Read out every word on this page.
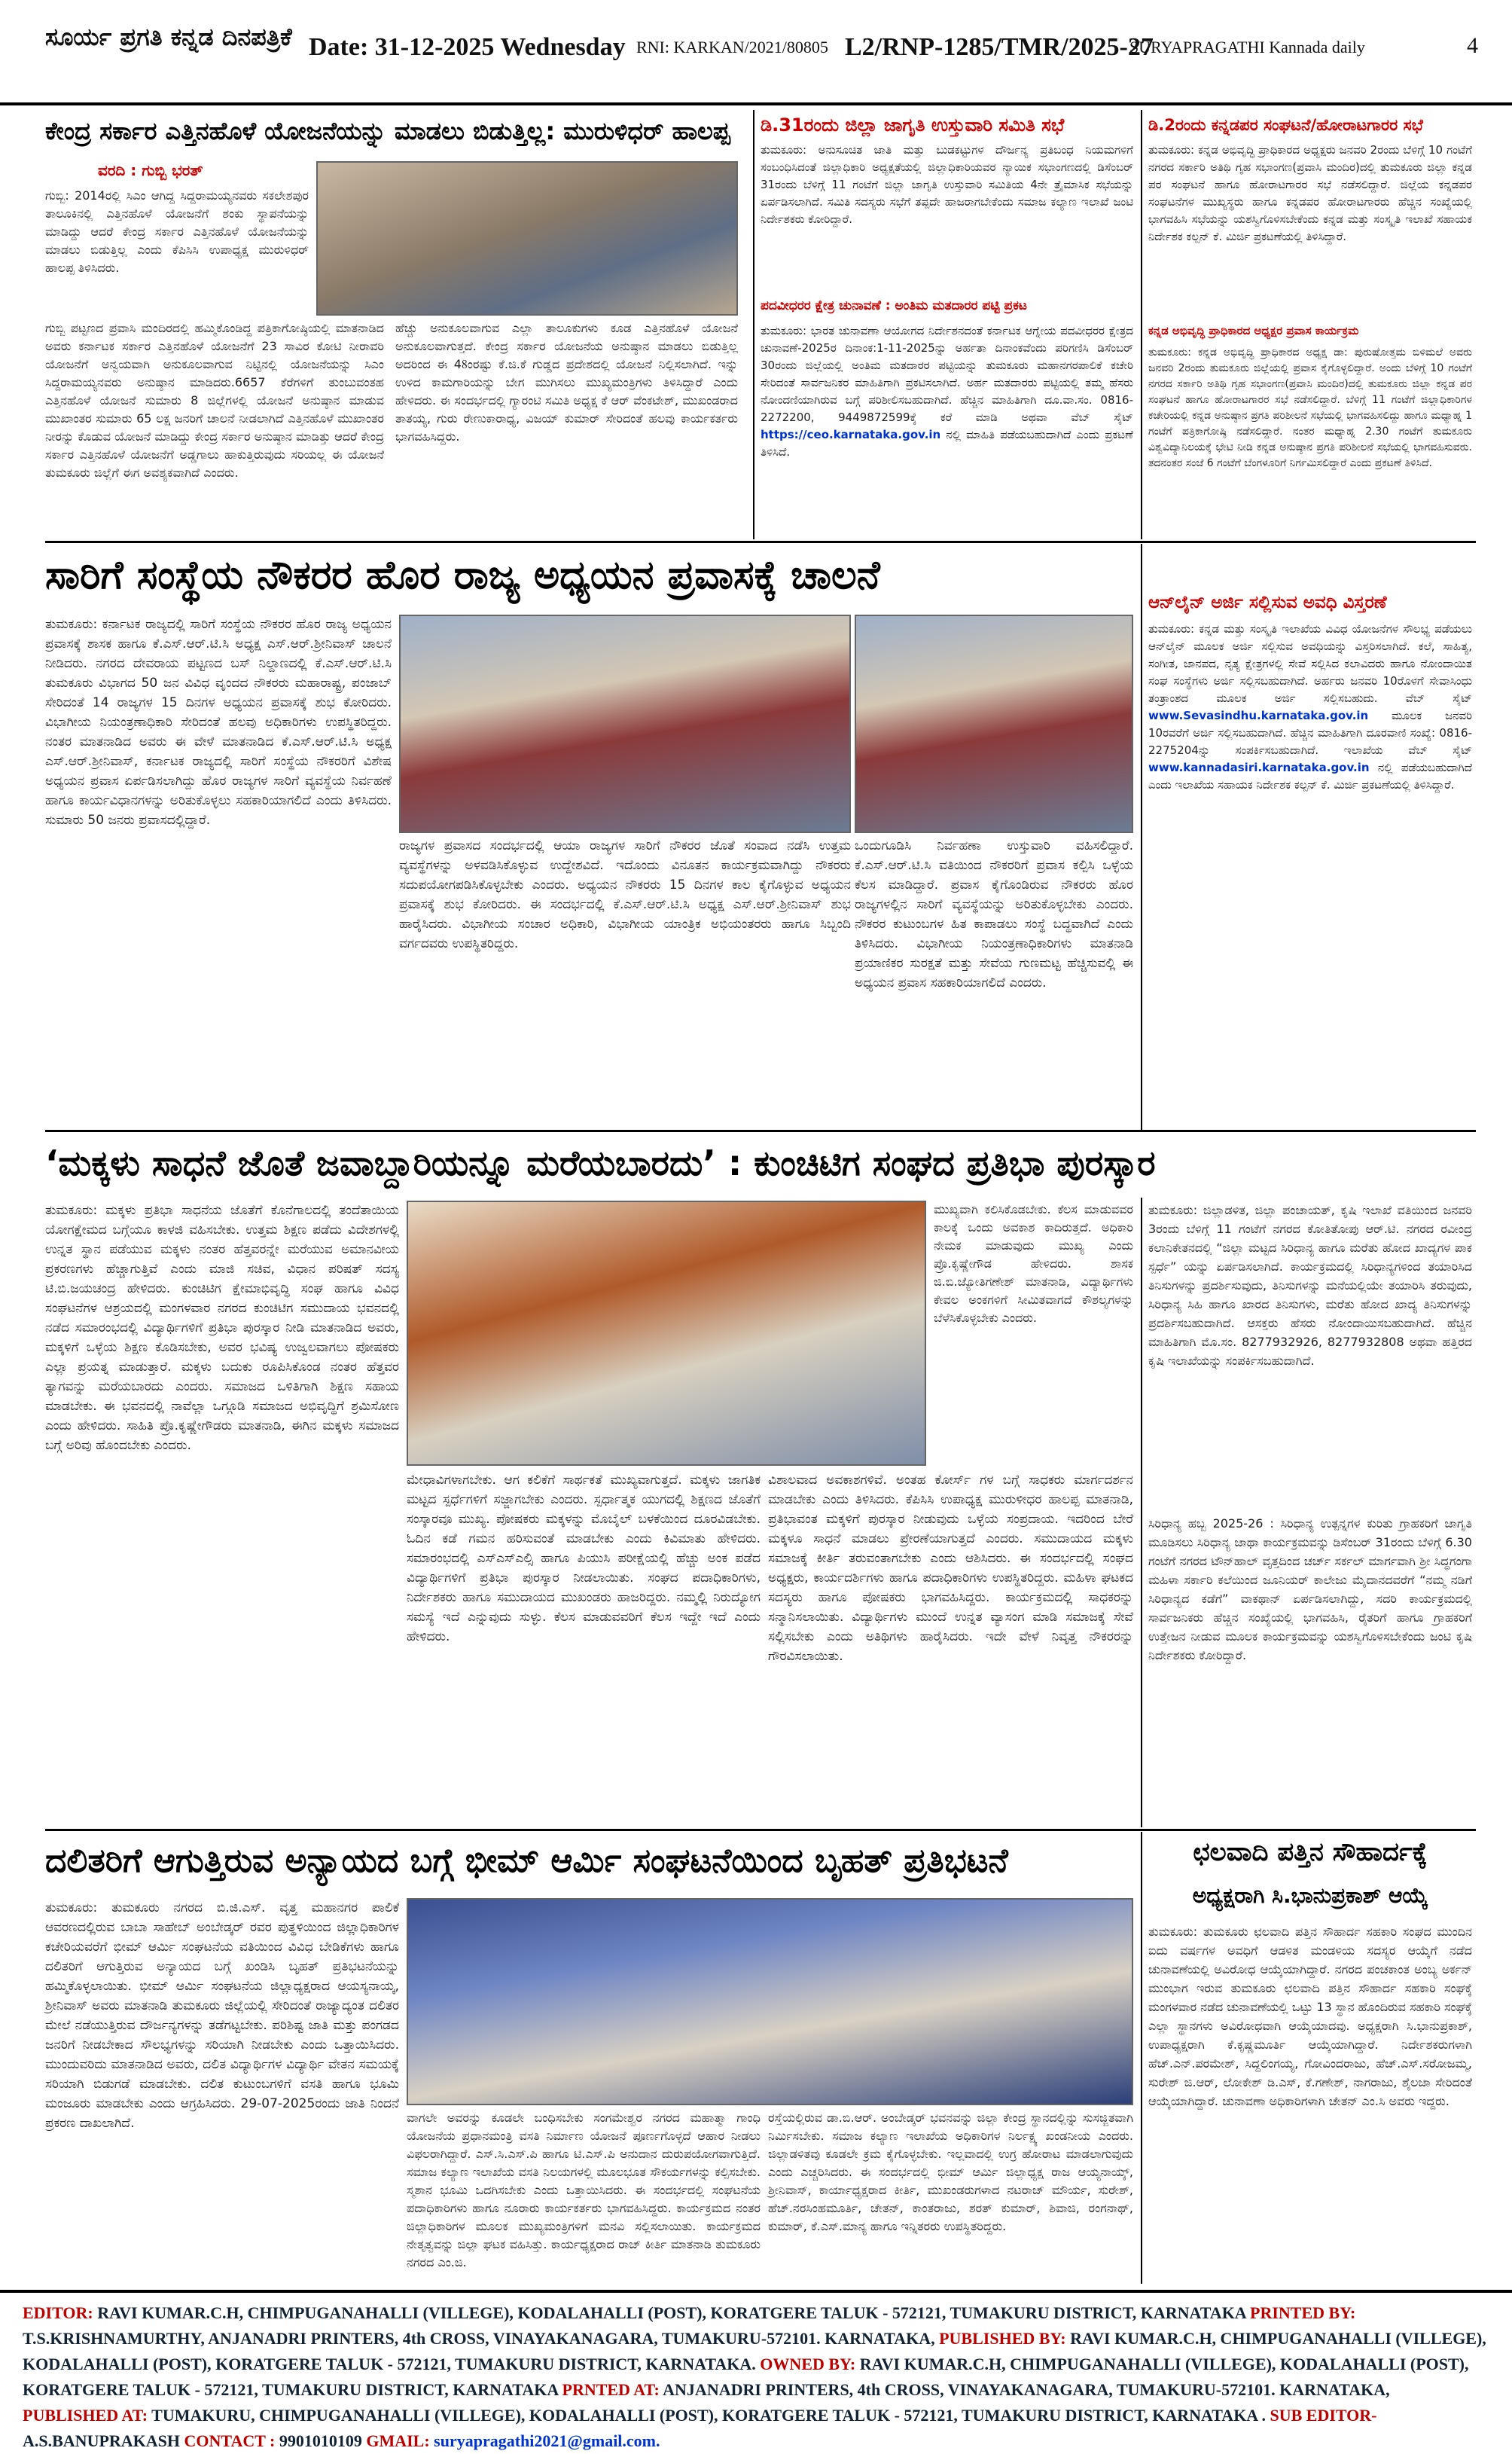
ಸೂರ್ಯ ಪ್ರಗತಿ ಕನ್ನಡ ದಿನಪತ್ರಿಕೆ Date: 31-12-2025 Wednesday RNI: KARKAN/2021/80805 L2/RNP-1285/TMR/2025-27
SURYAPRAGATHI Kannada daily	4
ಕೇಂದ್ರ ಸರ್ಕಾರ ಎತ್ತಿನಹೊಳೆ ಯೋಜನೆಯನ್ನು ಮಾಡಲು ಬಿಡುತ್ತಿಲ್ಲ: ಮುರುಳಿಧರ್ ಹಾಲಪ್ಪ
ವರದಿ : ಗುಬ್ಬಿ ಭರತ್
ಗುಬ್ಬಿ: 2014ರಲ್ಲಿ ಸಿಎಂ ಆಗಿದ್ದ ಸಿದ್ದರಾಮಯ್ಯನವರು ಸಕಲೇಶಪುರ ತಾಲೂಕಿನಲ್ಲಿ ಎತ್ತಿನಹೊಳೆ ಯೋಜನೆಗೆ ಶಂಕು ಸ್ಥಾಪನೆಯನ್ನು ಮಾಡಿದ್ದು ಆದರೆ ಕೇಂದ್ರ ಸರ್ಕಾರ ಎತ್ತಿನಹೊಳೆ ಯೋಜನೆಯನ್ನು ಮಾಡಲು ಬಿಡುತ್ತಿಲ್ಲ ಎಂದು ಕೆಪಿಸಿಸಿ ಉಪಾಧ್ಯಕ್ಷ ಮುರುಳಿಧರ್ ಹಾಲಪ್ಪ ತಿಳಿಸಿದರು.
ಗುಬ್ಬಿ ಪಟ್ಟಣದ ಪ್ರವಾಸಿ ಮಂದಿರದಲ್ಲಿ ಹಮ್ಮಿಕೊಂಡಿದ್ದ ಪತ್ರಿಕಾಗೋಷ್ಠಿಯಲ್ಲಿ ಮಾತನಾಡಿದ ಅವರು ಕರ್ನಾಟಕ ಸರ್ಕಾರ ಎತ್ತಿನಹೊಳೆ ಯೋಜನೆಗೆ 23 ಸಾವಿರ ಕೋಟಿ ನೀರಾವರಿ ಯೋಜನೆಗೆ ಅನ್ವಯವಾಗಿ ಅನುಕೂಲವಾಗುವ ನಿಟ್ಟಿನಲ್ಲಿ ಯೋಜನೆಯನ್ನು ಸಿಎಂ ಸಿದ್ದರಾಮಯ್ಯನವರು ಅನುಷ್ಠಾನ ಮಾಡಿದರು.6657 ಕೆರೆಗಳಿಗೆ ತುಂಬುವಂತಹ ಎತ್ತಿನಹೊಳೆ ಯೋಜನೆ ಸುಮಾರು 8 ಜಿಲ್ಲೆಗಳಲ್ಲಿ ಯೋಜನೆ ಅನುಷ್ಠಾನ ಮಾಡುವ ಮುಖಾಂತರ ಸುಮಾರು 65 ಲಕ್ಷ ಜನರಿಗೆ ಚಾಲನೆ ನೀಡಲಾಗಿದೆ ಎತ್ತಿನಹೊಳೆ ಮುಖಾಂತರ ನೀರನ್ನು ಕೊಡುವ ಯೋಜನೆ ಮಾಡಿದ್ದು ಕೇಂದ್ರ ಸರ್ಕಾರ ಅನುಷ್ಠಾನ ಮಾಡಿತ್ತು ಆದರೆ ಕೇಂದ್ರ ಸರ್ಕಾರ ಎತ್ತಿನಹೊಳೆ ಯೋಜನೆಗೆ ಅಡ್ಡಗಾಲು ಹಾಕುತ್ತಿರುವುದು ಸರಿಯಲ್ಲ ಈ ಯೋಜನೆ ತುಮಕೂರು ಜಿಲ್ಲೆಗೆ ಈಗ ಅವಶ್ಯಕವಾಗಿದೆ ಎಂದರು.
ಹೆಚ್ಚು ಅನುಕೂಲವಾಗುವ ಎಲ್ಲಾ ತಾಲೂಕುಗಳು ಕೂಡ ಎತ್ತಿನಹೊಳೆ ಯೋಜನೆ ಅನುಕೂಲವಾಗುತ್ತದೆ. ಕೇಂದ್ರ ಸರ್ಕಾರ ಯೋಜನೆಯ ಅನುಷ್ಠಾನ ಮಾಡಲು ಬಿಡುತ್ತಿಲ್ಲ ಅದರಿಂದ ಈ 48ಂರಷ್ಟು ಕೆ.ಜಿ.ಕೆ ಗುಡ್ಡದ ಪ್ರದೇಶದಲ್ಲಿ ಯೋಜನೆ ನಿಲ್ಲಿಸಲಾಗಿದೆ. ಇನ್ನು ಉಳಿದ ಕಾಮಗಾರಿಯನ್ನು ಬೇಗ ಮುಗಿಸಲು ಮುಖ್ಯಮಂತ್ರಿಗಳು ತಿಳಿಸಿದ್ದಾರೆ ಎಂದು ಹೇಳಿದರು. ಈ ಸಂದರ್ಭದಲ್ಲಿ ಗ್ಯಾರಂಟಿ ಸಮಿತಿ ಅಧ್ಯಕ್ಷ ಕೆ ಆರ್ ವೆಂಕಟೇಶ್, ಮುಖಂಡರಾದ ತಾತಯ್ಯ, ಗುರು ರೇಣುಕಾರಾಧ್ಯ, ವಿಜಯ್ ಕುಮಾರ್ ಸೇರಿದಂತೆ ಹಲವು ಕಾರ್ಯಕರ್ತರು ಭಾಗವಹಿಸಿದ್ದರು.
ಡಿ.31ರಂದು ಜಿಲ್ಲಾ ಜಾಗೃತಿ ಉಸ್ತುವಾರಿ ಸಮಿತಿ ಸಭೆ
ತುಮಕೂರು: ಅನುಸೂಚಿತ ಜಾತಿ ಮತ್ತು ಬುಡಕಟ್ಟುಗಳ ದೌರ್ಜನ್ಯ ಪ್ರತಿಬಂಧ ನಿಯಮಗಳಿಗೆ ಸಂಬಂಧಿಸಿದಂತೆ ಜಿಲ್ಲಾಧಿಕಾರಿ ಅಧ್ಯಕ್ಷತೆಯಲ್ಲಿ ಜಿಲ್ಲಾಧಿಕಾರಿಯವರ ನ್ಯಾಯಿಕ ಸಭಾಂಗಣದಲ್ಲಿ ಡಿಸೆಂಬರ್ 31ರಂದು ಬೆಳಿಗ್ಗೆ 11 ಗಂಟೆಗೆ ಜಿಲ್ಲಾ ಜಾಗೃತಿ ಉಸ್ತುವಾರಿ ಸಮಿತಿಯ 4ನೇ ತ್ರೈಮಾಸಿಕ ಸಭೆಯನ್ನು ಏರ್ಪಡಿಸಲಾಗಿದೆ. ಸಮಿತಿ ಸದಸ್ಯರು ಸಭೆಗೆ ತಪ್ಪದೇ ಹಾಜರಾಗಬೇಕೆಂದು ಸಮಾಜ ಕಲ್ಯಾಣ ಇಲಾಖೆ ಜಂಟಿ ನಿರ್ದೇಶಕರು ಕೋರಿದ್ದಾರೆ.
ಪದವೀಧರರ ಕ್ಷೇತ್ರ ಚುನಾವಣೆ : ಅಂತಿಮ ಮತದಾರರ ಪಟ್ಟಿ ಪ್ರಕಟ
ತುಮಕೂರು: ಭಾರತ ಚುನಾವಣಾ ಆಯೋಗದ ನಿರ್ದೇಶನದಂತೆ ಕರ್ನಾಟಕ ಆಗ್ನೇಯ ಪದವೀಧರರ ಕ್ಷೇತ್ರದ ಚುನಾವಣೆ-2025ರ ದಿನಾಂಕ:1-11-2025ನ್ನು ಅರ್ಹತಾ ದಿನಾಂಕವೆಂದು ಪರಿಗಣಿಸಿ ಡಿಸೆಂಬರ್ 30ರಂದು ಜಿಲ್ಲೆಯಲ್ಲಿ ಅಂತಿಮ ಮತದಾರರ ಪಟ್ಟಿಯನ್ನು ತುಮಕೂರು ಮಹಾನಗರಪಾಲಿಕೆ ಕಚೇರಿ ಸೇರಿದಂತೆ ಸಾರ್ವಜನಿಕರ ಮಾಹಿತಿಗಾಗಿ ಪ್ರಕಟಿಸಲಾಗಿದೆ. ಅರ್ಹ ಮತದಾರರು ಪಟ್ಟಿಯಲ್ಲಿ ತಮ್ಮ ಹೆಸರು ನೋಂದಣಿಯಾಗಿರುವ ಬಗ್ಗೆ ಪರಿಶೀಲಿಸಬಹುದಾಗಿದೆ. ಹೆಚ್ಚಿನ ಮಾಹಿತಿಗಾಗಿ ದೂ.ವಾ.ಸಂ. 0816-2272200, 9449872599ಕ್ಕೆ ಕರೆ ಮಾಡಿ ಅಥವಾ ವೆಬ್ ಸೈಟ್ https://ceo.karnataka.gov.in ನಲ್ಲಿ ಮಾಹಿತಿ ಪಡೆಯಬಹುದಾಗಿದೆ ಎಂದು ಪ್ರಕಟಣೆ ತಿಳಿಸಿದೆ.
ಡಿ.2ರಂದು ಕನ್ನಡಪರ ಸಂಘಟನೆ/ಹೋರಾಟಗಾರರ ಸಭೆ
ತುಮಕೂರು: ಕನ್ನಡ ಅಭಿವೃದ್ಧಿ ಪ್ರಾಧಿಕಾರದ ಅಧ್ಯಕ್ಷರು ಜನವರಿ 2ರಂದು ಬೆಳಿಗ್ಗೆ 10 ಗಂಟೆಗೆ ನಗರದ ಸರ್ಕಾರಿ ಅತಿಥಿ ಗೃಹ ಸಭಾಂಗಣ(ಪ್ರವಾಸಿ ಮಂದಿರ)ದಲ್ಲಿ ತುಮಕೂರು ಜಿಲ್ಲಾ ಕನ್ನಡ ಪರ ಸಂಘಟನೆ ಹಾಗೂ ಹೋರಾಟಗಾರರ ಸಭೆ ನಡೆಸಲಿದ್ದಾರೆ. ಜಿಲ್ಲೆಯ ಕನ್ನಡಪರ ಸಂಘಟನೆಗಳ ಮುಖ್ಯಸ್ಥರು ಹಾಗೂ ಕನ್ನಡಪರ ಹೋರಾಟಗಾರರು ಹೆಚ್ಚಿನ ಸಂಖ್ಯೆಯಲ್ಲಿ ಭಾಗವಹಿಸಿ ಸಭೆಯನ್ನು ಯಶಸ್ವಿಗೊಳಿಸಬೇಕೆಂದು ಕನ್ನಡ ಮತ್ತು ಸಂಸ್ಕೃತಿ ಇಲಾಖೆ ಸಹಾಯಕ ನಿರ್ದೇಶಕ ಕಲ್ಪನ್ ಕೆ. ಮಿರ್ಜಿ ಪ್ರಕಟಣೆಯಲ್ಲಿ ತಿಳಿಸಿದ್ದಾರೆ.
ಕನ್ನಡ ಅಭಿವೃದ್ಧಿ ಪ್ರಾಧಿಕಾರದ ಅಧ್ಯಕ್ಷರ ಪ್ರವಾಸ ಕಾರ್ಯಕ್ರಮ
ತುಮಕೂರು: ಕನ್ನಡ ಅಭಿವೃದ್ಧಿ ಪ್ರಾಧಿಕಾರದ ಅಧ್ಯಕ್ಷ ಡಾ: ಪುರುಷೋತ್ತಮ ಬಿಳಿಮಲೆ ಅವರು ಜನವರಿ 2ರಂದು ತುಮಕೂರು ಜಿಲ್ಲೆಯಲ್ಲಿ ಪ್ರವಾಸ ಕೈಗೊಳ್ಳಲಿದ್ದಾರೆ. ಅಂದು ಬೆಳಿಗ್ಗೆ 10 ಗಂಟೆಗೆ ನಗರದ ಸರ್ಕಾರಿ ಅತಿಥಿ ಗೃಹ ಸಭಾಂಗಣ(ಪ್ರವಾಸಿ ಮಂದಿರ)ದಲ್ಲಿ ತುಮಕೂರು ಜಿಲ್ಲಾ ಕನ್ನಡ ಪರ ಸಂಘಟನೆ ಹಾಗೂ ಹೋರಾಟಗಾರರ ಸಭೆ ನಡೆಸಲಿದ್ದಾರೆ. ಬೆಳಿಗ್ಗೆ 11 ಗಂಟೆಗೆ ಜಿಲ್ಲಾಧಿಕಾರಿಗಳ ಕಚೇರಿಯಲ್ಲಿ ಕನ್ನಡ ಅನುಷ್ಠಾನ ಪ್ರಗತಿ ಪರಿಶೀಲನೆ ಸಭೆಯಲ್ಲಿ ಭಾಗವಹಿಸಲಿದ್ದು ಹಾಗೂ ಮಧ್ಯಾಹ್ನ 1 ಗಂಟೆಗೆ ಪತ್ರಿಕಾಗೋಷ್ಠಿ ನಡೆಸಲಿದ್ದಾರೆ. ನಂತರ ಮಧ್ಯಾಹ್ನ 2.30 ಗಂಟೆಗೆ ತುಮಕೂರು ವಿಶ್ವವಿದ್ಯಾನಿಲಯಕ್ಕೆ ಭೇಟಿ ನೀಡಿ ಕನ್ನಡ ಅನುಷ್ಠಾನ ಪ್ರಗತಿ ಪರಿಶೀಲನೆ ಸಭೆಯಲ್ಲಿ ಭಾಗವಹಿಸುವರು. ತದನಂತರ ಸಂಜೆ 6 ಗಂಟೆಗೆ ಬೆಂಗಳೂರಿಗೆ ನಿರ್ಗಮಿಸಲಿದ್ದಾರೆ ಎಂದು ಪ್ರಕಟಣೆ ತಿಳಿಸಿದೆ.
ಸಾರಿಗೆ ಸಂಸ್ಥೆಯ ನೌಕರರ ಹೊರ ರಾಜ್ಯ ಅಧ್ಯಯನ ಪ್ರವಾಸಕ್ಕೆ ಚಾಲನೆ
ತುಮಕೂರು: ಕರ್ನಾಟಕ ರಾಜ್ಯದಲ್ಲಿ ಸಾರಿಗೆ ಸಂಸ್ಥೆಯ ನೌಕರರ ಹೊರ ರಾಜ್ಯ ಅಧ್ಯಯನ ಪ್ರವಾಸಕ್ಕೆ ಶಾಸಕ ಹಾಗೂ ಕೆ.ಎಸ್.ಆರ್.ಟಿ.ಸಿ ಅಧ್ಯಕ್ಷ ಎಸ್.ಆರ್.ಶ್ರೀನಿವಾಸ್ ಚಾಲನೆ ನೀಡಿದರು. ನಗರದ ದೇವರಾಯ ಪಟ್ಟಣದ ಬಸ್ ನಿಲ್ದಾಣದಲ್ಲಿ ಕೆ.ಎಸ್.ಆರ್.ಟಿ.ಸಿ ತುಮಕೂರು ವಿಭಾಗದ 50 ಜನ ವಿವಿಧ ವೃಂದದ ನೌಕರರು ಮಹಾರಾಷ್ಟ್ರ, ಪಂಜಾಬ್ ಸೇರಿದಂತೆ 14 ರಾಜ್ಯಗಳ 15 ದಿನಗಳ ಅಧ್ಯಯನ ಪ್ರವಾಸಕ್ಕೆ ಶುಭ ಕೋರಿದರು. ವಿಭಾಗೀಯ ನಿಯಂತ್ರಣಾಧಿಕಾರಿ ಸೇರಿದಂತೆ ಹಲವು ಅಧಿಕಾರಿಗಳು ಉಪಸ್ಥಿತರಿದ್ದರು. ನಂತರ ಮಾತನಾಡಿದ ಅವರು ಈ ವೇಳೆ ಮಾತನಾಡಿದ ಕೆ.ಎಸ್.ಆರ್.ಟಿ.ಸಿ ಅಧ್ಯಕ್ಷ ಎಸ್.ಆರ್.ಶ್ರೀನಿವಾಸ್, ಕರ್ನಾಟಕ ರಾಜ್ಯದಲ್ಲಿ ಸಾರಿಗೆ ಸಂಸ್ಥೆಯ ನೌಕರರಿಗೆ ವಿಶೇಷ ಅಧ್ಯಯನ ಪ್ರವಾಸ ಏರ್ಪಡಿಸಲಾಗಿದ್ದು ಹೊರ ರಾಜ್ಯಗಳ ಸಾರಿಗೆ ವ್ಯವಸ್ಥೆಯ ನಿರ್ವಹಣೆ ಹಾಗೂ ಕಾರ್ಯವಿಧಾನಗಳನ್ನು ಅರಿತುಕೊಳ್ಳಲು ಸಹಕಾರಿಯಾಗಲಿದೆ ಎಂದು ತಿಳಿಸಿದರು. ಸುಮಾರು 50 ಜನರು ಪ್ರವಾಸದಲ್ಲಿದ್ದಾರೆ.
ರಾಜ್ಯಗಳ ಪ್ರವಾಸದ ಸಂದರ್ಭದಲ್ಲಿ ಆಯಾ ರಾಜ್ಯಗಳ ಸಾರಿಗೆ ನೌಕರರ ಜೊತೆ ಸಂವಾದ ನಡೆಸಿ ಉತ್ತಮ ವ್ಯವಸ್ಥೆಗಳನ್ನು ಅಳವಡಿಸಿಕೊಳ್ಳುವ ಉದ್ದೇಶವಿದೆ. ಇದೊಂದು ವಿನೂತನ ಕಾರ್ಯಕ್ರಮವಾಗಿದ್ದು ನೌಕರರು ಸದುಪಯೋಗಪಡಿಸಿಕೊಳ್ಳಬೇಕು ಎಂದರು. ಅಧ್ಯಯನ ನೌಕರರು 15 ದಿನಗಳ ಕಾಲ ಕೈಗೊಳ್ಳುವ ಅಧ್ಯಯನ ಪ್ರವಾಸಕ್ಕೆ ಶುಭ ಕೋರಿದರು. ಈ ಸಂದರ್ಭದಲ್ಲಿ ಕೆ.ಎಸ್.ಆರ್.ಟಿ.ಸಿ ಅಧ್ಯಕ್ಷ ಎಸ್.ಆರ್.ಶ್ರೀನಿವಾಸ್ ಶುಭ ಹಾರೈಸಿದರು. ವಿಭಾಗೀಯ ಸಂಚಾರ ಅಧಿಕಾರಿ, ವಿಭಾಗೀಯ ಯಾಂತ್ರಿಕ ಅಭಿಯಂತರರು ಹಾಗೂ ಸಿಬ್ಬಂದಿ ವರ್ಗದವರು ಉಪಸ್ಥಿತರಿದ್ದರು.
ಒಂದುಗೂಡಿಸಿ ನಿರ್ವಹಣಾ ಉಸ್ತುವಾರಿ ವಹಿಸಲಿದ್ದಾರೆ. ಕೆ.ಎಸ್.ಆರ್.ಟಿ.ಸಿ ವತಿಯಿಂದ ನೌಕರರಿಗೆ ಪ್ರವಾಸ ಕಲ್ಪಿಸಿ ಒಳ್ಳೆಯ ಕೆಲಸ ಮಾಡಿದ್ದಾರೆ. ಪ್ರವಾಸ ಕೈಗೊಂಡಿರುವ ನೌಕರರು ಹೊರ ರಾಜ್ಯಗಳಲ್ಲಿನ ಸಾರಿಗೆ ವ್ಯವಸ್ಥೆಯನ್ನು ಅರಿತುಕೊಳ್ಳಬೇಕು ಎಂದರು. ನೌಕರರ ಕುಟುಂಬಗಳ ಹಿತ ಕಾಪಾಡಲು ಸಂಸ್ಥೆ ಬದ್ಧವಾಗಿದೆ ಎಂದು ತಿಳಿಸಿದರು. ವಿಭಾಗೀಯ ನಿಯಂತ್ರಣಾಧಿಕಾರಿಗಳು ಮಾತನಾಡಿ ಪ್ರಯಾಣಿಕರ ಸುರಕ್ಷತೆ ಮತ್ತು ಸೇವೆಯ ಗುಣಮಟ್ಟ ಹೆಚ್ಚಿಸುವಲ್ಲಿ ಈ ಅಧ್ಯಯನ ಪ್ರವಾಸ ಸಹಕಾರಿಯಾಗಲಿದೆ ಎಂದರು.
ಆನ್‌ಲೈನ್ ಅರ್ಜಿ ಸಲ್ಲಿಸುವ ಅವಧಿ ವಿಸ್ತರಣೆ
ತುಮಕೂರು: ಕನ್ನಡ ಮತ್ತು ಸಂಸ್ಕೃತಿ ಇಲಾಖೆಯ ವಿವಿಧ ಯೋಜನೆಗಳ ಸೌಲಭ್ಯ ಪಡೆಯಲು ಆನ್‌ಲೈನ್ ಮೂಲಕ ಅರ್ಜಿ ಸಲ್ಲಿಸುವ ಅವಧಿಯನ್ನು ವಿಸ್ತರಿಸಲಾಗಿದೆ. ಕಲೆ, ಸಾಹಿತ್ಯ, ಸಂಗೀತ, ಜಾನಪದ, ನೃತ್ಯ ಕ್ಷೇತ್ರಗಳಲ್ಲಿ ಸೇವೆ ಸಲ್ಲಿಸಿದ ಕಲಾವಿದರು ಹಾಗೂ ನೋಂದಾಯಿತ ಸಂಘ ಸಂಸ್ಥೆಗಳು ಅರ್ಜಿ ಸಲ್ಲಿಸಬಹುದಾಗಿದೆ. ಅರ್ಹರು ಜನವರಿ 10ರೊಳಗೆ ಸೇವಾಸಿಂಧು ತಂತ್ರಾಂಶದ ಮೂಲಕ ಅರ್ಜಿ ಸಲ್ಲಿಸಬಹುದು. ವೆಬ್ ಸೈಟ್ www.Sevasindhu.karnataka.gov.in ಮೂಲಕ ಜನವರಿ 10ರವರೆಗೆ ಅರ್ಜಿ ಸಲ್ಲಿಸಬಹುದಾಗಿದೆ. ಹೆಚ್ಚಿನ ಮಾಹಿತಿಗಾಗಿ ದೂರವಾಣಿ ಸಂಖ್ಯೆ: 0816-2275204ನ್ನು ಸಂಪರ್ಕಿಸಬಹುದಾಗಿದೆ. ಇಲಾಖೆಯ ವೆಬ್ ಸೈಟ್ www.kannadasiri.karnataka.gov.in ನಲ್ಲಿ ಪಡೆಯಬಹುದಾಗಿದೆ ಎಂದು ಇಲಾಖೆಯ ಸಹಾಯಕ ನಿರ್ದೇಶಕ ಕಲ್ಪನ್ ಕೆ. ಮಿರ್ಜಿ ಪ್ರಕಟಣೆಯಲ್ಲಿ ತಿಳಿಸಿದ್ದಾರೆ.
‘ಮಕ್ಕಳು ಸಾಧನೆ ಜೊತೆ ಜವಾಬ್ದಾರಿಯನ್ನೂ ಮರೆಯಬಾರದು’ : ಕುಂಚಿಟಿಗ ಸಂಘದ ಪ್ರತಿಭಾ ಪುರಸ್ಕಾರ
ತುಮಕೂರು: ಮಕ್ಕಳು ಪ್ರತಿಭಾ ಸಾಧನೆಯ ಜೊತೆಗೆ ಕೊನೆಗಾಲದಲ್ಲಿ ತಂದೆತಾಯಿಯ ಯೋಗಕ್ಷೇಮದ ಬಗ್ಗೆಯೂ ಕಾಳಜಿ ವಹಿಸಬೇಕು. ಉತ್ತಮ ಶಿಕ್ಷಣ ಪಡೆದು ವಿದೇಶಗಳಲ್ಲಿ ಉನ್ನತ ಸ್ಥಾನ ಪಡೆಯುವ ಮಕ್ಕಳು ನಂತರ ಹೆತ್ತವರನ್ನೇ ಮರೆಯುವ ಅಮಾನವೀಯ ಪ್ರಕರಣಗಳು ಹೆಚ್ಚಾಗುತ್ತಿವೆ ಎಂದು ಮಾಜಿ ಸಚಿವ, ವಿಧಾನ ಪರಿಷತ್ ಸದಸ್ಯ ಟಿ.ಬಿ.ಜಯಚಂದ್ರ ಹೇಳಿದರು. ಕುಂಚಿಟಿಗ ಕ್ಷೇಮಾಭಿವೃದ್ಧಿ ಸಂಘ ಹಾಗೂ ವಿವಿಧ ಸಂಘಟನೆಗಳ ಆಶ್ರಯದಲ್ಲಿ ಮಂಗಳವಾರ ನಗರದ ಕುಂಚಿಟಿಗ ಸಮುದಾಯ ಭವನದಲ್ಲಿ ನಡೆದ ಸಮಾರಂಭದಲ್ಲಿ ವಿದ್ಯಾರ್ಥಿಗಳಿಗೆ ಪ್ರತಿಭಾ ಪುರಸ್ಕಾರ ನೀಡಿ ಮಾತನಾಡಿದ ಅವರು, ಮಕ್ಕಳಿಗೆ ಒಳ್ಳೆಯ ಶಿಕ್ಷಣ ಕೊಡಿಸಬೇಕು, ಅವರ ಭವಿಷ್ಯ ಉಜ್ವಲವಾಗಲು ಪೋಷಕರು ಎಲ್ಲಾ ಪ್ರಯತ್ನ ಮಾಡುತ್ತಾರೆ. ಮಕ್ಕಳು ಬದುಕು ರೂಪಿಸಿಕೊಂಡ ನಂತರ ಹೆತ್ತವರ ತ್ಯಾಗವನ್ನು ಮರೆಯಬಾರದು ಎಂದರು. ಸಮಾಜದ ಒಳಿತಿಗಾಗಿ ಶಿಕ್ಷಣ ಸಹಾಯ ಮಾಡಬೇಕು. ಈ ಭವನದಲ್ಲಿ ನಾವೆಲ್ಲಾ ಒಗ್ಗೂಡಿ ಸಮಾಜದ ಅಭಿವೃದ್ಧಿಗೆ ಶ್ರಮಿಸೋಣ ಎಂದು ಹೇಳಿದರು. ಸಾಹಿತಿ ಪ್ರೊ.ಕೃಷ್ಣೇಗೌಡರು ಮಾತನಾಡಿ, ಈಗಿನ ಮಕ್ಕಳು ಸಮಾಜದ ಬಗ್ಗೆ ಅರಿವು ಹೊಂದಬೇಕು ಎಂದರು.
ಮುಖ್ಯವಾಗಿ ಕಲಿಸಿಕೊಡಬೇಕು. ಕೆಲಸ ಮಾಡುವವರ ಕಾಲಕ್ಕೆ ಒಂದು ಅವಕಾಶ ಕಾದಿರುತ್ತದೆ. ಅಧಿಕಾರಿ ನೇಮಕ ಮಾಡುವುದು ಮುಖ್ಯ ಎಂದು ಪ್ರೊ.ಕೃಷ್ಣೇಗೌಡ ಹೇಳಿದರು. ಶಾಸಕ ಜಿ.ಬಿ.ಜ್ಯೋತಿಗಣೇಶ್ ಮಾತನಾಡಿ, ವಿದ್ಯಾರ್ಥಿಗಳು ಕೇವಲ ಅಂಕಗಳಿಗೆ ಸೀಮಿತವಾಗದೆ ಕೌಶಲ್ಯಗಳನ್ನು ಬೆಳೆಸಿಕೊಳ್ಳಬೇಕು ಎಂದರು.
ಮೇಧಾವಿಗಳಾಗಬೇಕು. ಆಗ ಕಲಿಕೆಗೆ ಸಾರ್ಥಕತೆ ಮುಖ್ಯವಾಗುತ್ತದೆ. ಮಕ್ಕಳು ಜಾಗತಿಕ ಮಟ್ಟದ ಸ್ಪರ್ಧೆಗಳಿಗೆ ಸಜ್ಜಾಗಬೇಕು ಎಂದರು. ಸ್ಪರ್ಧಾತ್ಮಕ ಯುಗದಲ್ಲಿ ಶಿಕ್ಷಣದ ಜೊತೆಗೆ ಸಂಸ್ಕಾರವೂ ಮುಖ್ಯ. ಪೋಷಕರು ಮಕ್ಕಳನ್ನು ಮೊಬೈಲ್ ಬಳಕೆಯಿಂದ ದೂರವಿಡಬೇಕು. ಓದಿನ ಕಡೆ ಗಮನ ಹರಿಸುವಂತೆ ಮಾಡಬೇಕು ಎಂದು ಕಿವಿಮಾತು ಹೇಳಿದರು. ಸಮಾರಂಭದಲ್ಲಿ ಎಸ್ಎಸ್ಎಲ್ಸಿ ಹಾಗೂ ಪಿಯುಸಿ ಪರೀಕ್ಷೆಯಲ್ಲಿ ಹೆಚ್ಚು ಅಂಕ ಪಡೆದ ವಿದ್ಯಾರ್ಥಿಗಳಿಗೆ ಪ್ರತಿಭಾ ಪುರಸ್ಕಾರ ನೀಡಲಾಯಿತು. ಸಂಘದ ಪದಾಧಿಕಾರಿಗಳು, ನಿರ್ದೇಶಕರು ಹಾಗೂ ಸಮುದಾಯದ ಮುಖಂಡರು ಹಾಜರಿದ್ದರು. ನಮ್ಮಲ್ಲಿ ನಿರುದ್ಯೋಗ ಸಮಸ್ಯೆ ಇದೆ ಎನ್ನುವುದು ಸುಳ್ಳು. ಕೆಲಸ ಮಾಡುವವರಿಗೆ ಕೆಲಸ ಇದ್ದೇ ಇದೆ ಎಂದು ಹೇಳಿದರು.
ವಿಶಾಲವಾದ ಅವಕಾಶಗಳಿವೆ. ಅಂತಹ ಕೋರ್ಸ್ ಗಳ ಬಗ್ಗೆ ಸಾಧಕರು ಮಾರ್ಗದರ್ಶನ ಮಾಡಬೇಕು ಎಂದು ತಿಳಿಸಿದರು. ಕೆಪಿಸಿಸಿ ಉಪಾಧ್ಯಕ್ಷ ಮುರುಳೀಧರ ಹಾಲಪ್ಪ ಮಾತನಾಡಿ, ಪ್ರತಿಭಾವಂತ ಮಕ್ಕಳಿಗೆ ಪುರಸ್ಕಾರ ನೀಡುವುದು ಒಳ್ಳೆಯ ಸಂಪ್ರದಾಯ. ಇದರಿಂದ ಬೇರೆ ಮಕ್ಕಳೂ ಸಾಧನೆ ಮಾಡಲು ಪ್ರೇರಣೆಯಾಗುತ್ತದೆ ಎಂದರು. ಸಮುದಾಯದ ಮಕ್ಕಳು ಸಮಾಜಕ್ಕೆ ಕೀರ್ತಿ ತರುವಂತಾಗಬೇಕು ಎಂದು ಆಶಿಸಿದರು. ಈ ಸಂದರ್ಭದಲ್ಲಿ ಸಂಘದ ಅಧ್ಯಕ್ಷರು, ಕಾರ್ಯದರ್ಶಿಗಳು ಹಾಗೂ ಪದಾಧಿಕಾರಿಗಳು ಉಪಸ್ಥಿತರಿದ್ದರು. ಮಹಿಳಾ ಘಟಕದ ಸದಸ್ಯರು ಹಾಗೂ ಪೋಷಕರು ಭಾಗವಹಿಸಿದ್ದರು. ಕಾರ್ಯಕ್ರಮದಲ್ಲಿ ಸಾಧಕರನ್ನು ಸನ್ಮಾನಿಸಲಾಯಿತು. ವಿದ್ಯಾರ್ಥಿಗಳು ಮುಂದೆ ಉನ್ನತ ವ್ಯಾಸಂಗ ಮಾಡಿ ಸಮಾಜಕ್ಕೆ ಸೇವೆ ಸಲ್ಲಿಸಬೇಕು ಎಂದು ಅತಿಥಿಗಳು ಹಾರೈಸಿದರು. ಇದೇ ವೇಳೆ ನಿವೃತ್ತ ನೌಕರರನ್ನು ಗೌರವಿಸಲಾಯಿತು.
ತುಮಕೂರು: ಜಿಲ್ಲಾಡಳಿತ, ಜಿಲ್ಲಾ ಪಂಚಾಯತ್, ಕೃಷಿ ಇಲಾಖೆ ವತಿಯಿಂದ ಜನವರಿ 3ರಂದು ಬೆಳಿಗ್ಗೆ 11 ಗಂಟೆಗೆ ನಗರದ ಕೋತಿತೋಪು ಆರ್.ಟಿ. ನಗರದ ರವೀಂದ್ರ ಕಲಾನಿಕೇತನದಲ್ಲಿ “ಜಿಲ್ಲಾ ಮಟ್ಟದ ಸಿರಿಧಾನ್ಯ ಹಾಗೂ ಮರೆತು ಹೋದ ಖಾದ್ಯಗಳ ಪಾಕ ಸ್ಪರ್ಧೆ” ಯನ್ನು ಏರ್ಪಡಿಸಲಾಗಿದೆ. ಕಾರ್ಯಕ್ರಮದಲ್ಲಿ ಸಿರಿಧಾನ್ಯಗಳಿಂದ ತಯಾರಿಸಿದ ತಿನಿಸುಗಳನ್ನು ಪ್ರದರ್ಶಿಸುವುದು, ತಿನಿಸುಗಳನ್ನು ಮನೆಯಲ್ಲಿಯೇ ತಯಾರಿಸಿ ತರುವುದು, ಸಿರಿಧಾನ್ಯ ಸಿಹಿ ಹಾಗೂ ಖಾರದ ತಿನಿಸುಗಳು, ಮರೆತು ಹೋದ ಖಾದ್ಯ ತಿನಿಸುಗಳನ್ನು ಪ್ರದರ್ಶಿಸಬಹುದಾಗಿದೆ. ಆಸಕ್ತರು ಹೆಸರು ನೋಂದಾಯಿಸಬಹುದಾಗಿದೆ. ಹೆಚ್ಚಿನ ಮಾಹಿತಿಗಾಗಿ ಮೊ.ಸಂ. 8277932926, 8277932808 ಅಥವಾ ಹತ್ತಿರದ ಕೃಷಿ ಇಲಾಖೆಯನ್ನು ಸಂಪರ್ಕಿಸಬಹುದಾಗಿದೆ.
ಸಿರಿಧಾನ್ಯ ಹಬ್ಬ 2025-26 : ಸಿರಿಧಾನ್ಯ ಉತ್ಪನ್ನಗಳ ಕುರಿತು ಗ್ರಾಹಕರಿಗೆ ಜಾಗೃತಿ ಮೂಡಿಸಲು ಸಿರಿಧಾನ್ಯ ಜಾಥಾ ಕಾರ್ಯಕ್ರಮವನ್ನು ಡಿಸೆಂಬರ್ 31ರಂದು ಬೆಳಿಗ್ಗೆ 6.30 ಗಂಟೆಗೆ ನಗರದ ಟೌನ್‌ಹಾಲ್ ವೃತ್ತದಿಂದ ಚರ್ಚ್ ಸರ್ಕಲ್ ಮಾರ್ಗವಾಗಿ ಶ್ರೀ ಸಿದ್ಧಗಂಗಾ ಮಹಿಳಾ ಸರ್ಕಾರಿ ಕಲೆಯಿಂದ ಜೂನಿಯರ್ ಕಾಲೇಜು ಮೈದಾನದವರೆಗೆ “ನಮ್ಮ ನಡಿಗೆ ಸಿರಿಧಾನ್ಯದ ಕಡೆಗೆ” ವಾಕಥಾನ್ ಏರ್ಪಡಿಸಲಾಗಿದ್ದು, ಸದರಿ ಕಾರ್ಯಕ್ರಮದಲ್ಲಿ ಸಾರ್ವಜನಿಕರು ಹೆಚ್ಚಿನ ಸಂಖ್ಯೆಯಲ್ಲಿ ಭಾಗವಹಿಸಿ, ರೈತರಿಗೆ ಹಾಗೂ ಗ್ರಾಹಕರಿಗೆ ಉತ್ತೇಜನ ನೀಡುವ ಮೂಲಕ ಕಾರ್ಯಕ್ರಮವನ್ನು ಯಶಸ್ವಿಗೊಳಿಸಬೇಕೆಂದು ಜಂಟಿ ಕೃಷಿ ನಿರ್ದೇಶಕರು ಕೋರಿದ್ದಾರೆ.
ದಲಿತರಿಗೆ ಆಗುತ್ತಿರುವ ಅನ್ಯಾಯದ ಬಗ್ಗೆ ಭೀಮ್ ಆರ್ಮಿ ಸಂಘಟನೆಯಿಂದ ಬೃಹತ್ ಪ್ರತಿಭಟನೆ
ತುಮಕೂರು: ತುಮಕೂರು ನಗರದ ಬಿ.ಜಿ.ಎಸ್. ವೃತ್ತ ಮಹಾನಗರ ಪಾಲಿಕೆ ಆವರಣದಲ್ಲಿರುವ ಬಾಬಾ ಸಾಹೇಬ್ ಅಂಬೇಡ್ಕರ್ ರವರ ಪುತ್ಥಳಿಯಿಂದ ಜಿಲ್ಲಾಧಿಕಾರಿಗಳ ಕಚೇರಿಯವರೆಗೆ ಭೀಮ್ ಆರ್ಮಿ ಸಂಘಟನೆಯ ವತಿಯಿಂದ ವಿವಿಧ ಬೇಡಿಕೆಗಳು ಹಾಗೂ ದಲಿತರಿಗೆ ಆಗುತ್ತಿರುವ ಅನ್ಯಾಯದ ಬಗ್ಗೆ ಖಂಡಿಸಿ ಬೃಹತ್ ಪ್ರತಿಭಟನೆಯನ್ನು ಹಮ್ಮಿಕೊಳ್ಳಲಾಯಿತು. ಭೀಮ್ ಆರ್ಮಿ ಸಂಘಟನೆಯ ಜಿಲ್ಲಾಧ್ಯಕ್ಷರಾದ ಆಯಸ್ಯನಾಯ್ಕ, ಶ್ರೀನಿವಾಸ್ ಅವರು ಮಾತನಾಡಿ ತುಮಕೂರು ಜಿಲ್ಲೆಯಲ್ಲಿ ಸೇರಿದಂತೆ ರಾಜ್ಯಾದ್ಯಂತ ದಲಿತರ ಮೇಲೆ ನಡೆಯುತ್ತಿರುವ ದೌರ್ಜನ್ಯಗಳನ್ನು ತಡೆಗಟ್ಟಬೇಕು. ಪರಿಶಿಷ್ಟ ಜಾತಿ ಮತ್ತು ಪಂಗಡದ ಜನರಿಗೆ ನೀಡಬೇಕಾದ ಸೌಲಭ್ಯಗಳನ್ನು ಸರಿಯಾಗಿ ನೀಡಬೇಕು ಎಂದು ಒತ್ತಾಯಿಸಿದರು. ಮುಂದುವರಿದು ಮಾತನಾಡಿದ ಅವರು, ದಲಿತ ವಿದ್ಯಾರ್ಥಿಗಳ ವಿದ್ಯಾರ್ಥಿ ವೇತನ ಸಮಯಕ್ಕೆ ಸರಿಯಾಗಿ ಬಿಡುಗಡೆ ಮಾಡಬೇಕು. ದಲಿತ ಕುಟುಂಬಗಳಿಗೆ ವಸತಿ ಹಾಗೂ ಭೂಮಿ ಮಂಜೂರು ಮಾಡಬೇಕು ಎಂದು ಆಗ್ರಹಿಸಿದರು. 29-07-2025ರಂದು ಜಾತಿ ನಿಂದನೆ ಪ್ರಕರಣ ದಾಖಲಾಗಿದೆ.	ವಾಗಲೇ ಅವರನ್ನು ಕೂಡಲೇ ಬಂಧಿಸಬೇಕು ಸಂಗಮೇಶ್ವರ ನಗರದ ಮಹಾತ್ಮಾ ಗಾಂಧಿ ಯೋಜನೆಯ ಪ್ರಧಾನಮಂತ್ರಿ ವಸತಿ ನಿರ್ಮಾಣ ಯೋಜನೆ ಪೂರ್ಣಗೊಳ್ಳದೆ ಆಹಾರ ನೀಡಲು ವಿಫಲರಾಗಿದ್ದಾರೆ. ಎಸ್.ಸಿ.ಎಸ್.ಪಿ ಹಾಗೂ ಟಿ.ಎಸ್.ಪಿ ಅನುದಾನ ದುರುಪಯೋಗವಾಗುತ್ತಿದೆ. ಸಮಾಜ ಕಲ್ಯಾಣ ಇಲಾಖೆಯ ವಸತಿ ನಿಲಯಗಳಲ್ಲಿ ಮೂಲಭೂತ ಸೌಕರ್ಯಗಳನ್ನು ಕಲ್ಪಿಸಬೇಕು. ಸ್ಮಶಾನ ಭೂಮಿ ಒದಗಿಸಬೇಕು ಎಂದು ಒತ್ತಾಯಿಸಿದರು. ಈ ಸಂದರ್ಭದಲ್ಲಿ ಸಂಘಟನೆಯ ಪದಾಧಿಕಾರಿಗಳು ಹಾಗೂ ನೂರಾರು ಕಾರ್ಯಕರ್ತರು ಭಾಗವಹಿಸಿದ್ದರು. ಕಾರ್ಯಕ್ರಮದ ನಂತರ ಜಿಲ್ಲಾಧಿಕಾರಿಗಳ ಮೂಲಕ ಮುಖ್ಯಮಂತ್ರಿಗಳಿಗೆ ಮನವಿ ಸಲ್ಲಿಸಲಾಯಿತು. ಕಾರ್ಯಕ್ರಮದ ನೇತೃತ್ವವನ್ನು ಜಿಲ್ಲಾ ಘಟಕ ವಹಿಸಿತ್ತು. ಕಾರ್ಯಧ್ಯಕ್ಷರಾದ ರಾಜ್ ಕೀರ್ತಿ ಮಾತನಾಡಿ ತುಮಕೂರು ನಗರದ ಎಂ.ಜಿ.
ರಸ್ತೆಯಲ್ಲಿರುವ ಡಾ.ಬಿ.ಆರ್. ಅಂಬೇಡ್ಕರ್ ಭವನವನ್ನು ಜಿಲ್ಲಾ ಕೇಂದ್ರ ಸ್ಥಾನದಲ್ಲಿನ್ನು ಸುಸಜ್ಜಿತವಾಗಿ ನಿರ್ಮಿಸಬೇಕು. ಸಮಾಜ ಕಲ್ಯಾಣ ಇಲಾಖೆಯ ಅಧಿಕಾರಿಗಳ ನಿರ್ಲಕ್ಷ್ಯ ಖಂಡನೀಯ ಎಂದರು. ಜಿಲ್ಲಾಡಳಿತವು ಕೂಡಲೇ ಕ್ರಮ ಕೈಗೊಳ್ಳಬೇಕು. ಇಲ್ಲವಾದಲ್ಲಿ ಉಗ್ರ ಹೋರಾಟ ಮಾಡಲಾಗುವುದು ಎಂದು ಎಚ್ಚರಿಸಿದರು. ಈ ಸಂದರ್ಭದಲ್ಲಿ ಭೀಮ್ ಆರ್ಮಿ ಜಿಲ್ಲಾಧ್ಯಕ್ಷ ರಾಜ ಆಯ್ಯನಾಯ್ಕ್, ಶ್ರೀನಿವಾಸ್, ಕಾರ್ಯಾಧ್ಯಕ್ಷರಾದ ಕೀರ್ತಿ, ಮುಖಂಡರುಗಳಾದ ನಟರಾಜ್ ಮೌರ್ಯ, ಸುರೇಶ್, ಹೆಚ್.ನರಸಿಂಹಮೂರ್ತಿ, ಚೇತನ್, ಕಾಂತರಾಜು, ಶರತ್ ಕುಮಾರ್, ಶಿವಾಜಿ, ರಂಗನಾಥ್, ಕುಮಾರ್, ಕೆ.ಎಸ್.ಮಾನ್ಯ ಹಾಗೂ ಇನ್ನಿತರರು ಉಪಸ್ಥಿತರಿದ್ದರು.
ಛಲವಾದಿ ಪತ್ತಿನ ಸೌಹಾರ್ದಕ್ಕೆ
ಅಧ್ಯಕ್ಷರಾಗಿ ಸಿ.ಭಾನುಪ್ರಕಾಶ್ ಆಯ್ಕೆ
ತುಮಕೂರು: ತುಮಕೂರು ಛಲವಾದಿ ಪತ್ತಿನ ಸೌಹಾರ್ದ ಸಹಕಾರಿ ಸಂಘದ ಮುಂದಿನ ಐದು ವರ್ಷಗಳ ಅವಧಿಗೆ ಆಡಳಿತ ಮಂಡಳಿಯ ಸದಸ್ಯರ ಆಯ್ಕೆಗೆ ನಡೆದ ಚುನಾವಣೆಯಲ್ಲಿ ಅವಿರೋಧ ಆಯ್ಕೆಯಾಗಿದ್ದಾರೆ. ನಗರದ ಪಂಚಕಾಂತ ಅಂಬ್ಯ ಅರ್ಕನ್ ಮುಂಭಾಗ ಇರುವ ತುಮಕೂರು ಛಲವಾದಿ ಪತ್ತಿನ ಸೌಹಾರ್ದ ಸಹಕಾರಿ ಸಂಘಕ್ಕೆ ಮಂಗಳವಾರ ನಡೆದ ಚುನಾವಣೆಯಲ್ಲಿ ಒಟ್ಟು 13 ಸ್ಥಾನ ಹೊಂದಿರುವ ಸಹಕಾರಿ ಸಂಘಕ್ಕೆ ಎಲ್ಲಾ ಸ್ಥಾನಗಳು ಅವಿರೋಧವಾಗಿ ಆಯ್ಕೆಯಾದವು. ಅಧ್ಯಕ್ಷರಾಗಿ ಸಿ.ಭಾನುಪ್ರಕಾಶ್, ಉಪಾಧ್ಯಕ್ಷರಾಗಿ ಕೆ.ಕೃಷ್ಣಮೂರ್ತಿ ಆಯ್ಕೆಯಾಗಿದ್ದಾರೆ. ನಿರ್ದೇಶಕರುಗಳಾಗಿ ಹೆಚ್.ಎನ್.ಪರಮೇಶ್, ಸಿದ್ದಲಿಂಗಯ್ಯ, ಗೋವಿಂದರಾಜು, ಹೆಚ್.ಎಸ್.ಸರೋಜಮ್ಮ, ಸುರೇಶ್ ಜಿ.ಆರ್, ಲೋಕೇಶ್ ಡಿ.ಎಸ್, ಕೆ.ಗಣೇಶ್, ನಾಗರಾಜು, ಶೈಲಜಾ ಸೇರಿದಂತೆ ಆಯ್ಕೆಯಾಗಿದ್ದಾರೆ. ಚುನಾವಣಾ ಅಧಿಕಾರಿಗಳಾಗಿ ಚೇತನ್ ಎಂ.ಸಿ ಅವರು ಇದ್ದರು.
EDITOR: RAVI KUMAR.C.H, CHIMPUGANAHALLI (VILLEGE), KODALAHALLI (POST), KORATGERE TALUK - 572121, TUMAKURU DISTRICT, KARNATAKA PRINTED BY: T.S.KRISHNAMURTHY, ANJANADRI PRINTERS, 4th CROSS, VINAYAKANAGARA, TUMAKURU-572101. KARNATAKA, PUBLISHED BY: RAVI KUMAR.C.H, CHIMPUGANAHALLI (VILLEGE), KODALAHALLI (POST), KORATGERE TALUK - 572121, TUMAKURU DISTRICT, KARNATAKA. OWNED BY: RAVI KUMAR.C.H, CHIMPUGANAHALLI (VILLEGE), KODALAHALLI (POST), KORATGERE TALUK - 572121, TUMAKURU DISTRICT, KARNATAKA PRNTED AT: ANJANADRI PRINTERS, 4th CROSS, VINAYAKANAGARA, TUMAKURU-572101. KARNATAKA, PUBLISHED AT: TUMAKURU, CHIMPUGANAHALLI (VILLEGE), KODALAHALLI (POST), KORATGERE TALUK - 572121, TUMAKURU DISTRICT, KARNATAKA . SUB EDITOR- A.S.BANUPRAKASH CONTACT : 9901010109 GMAIL: suryapragathi2021@gmail.com.
